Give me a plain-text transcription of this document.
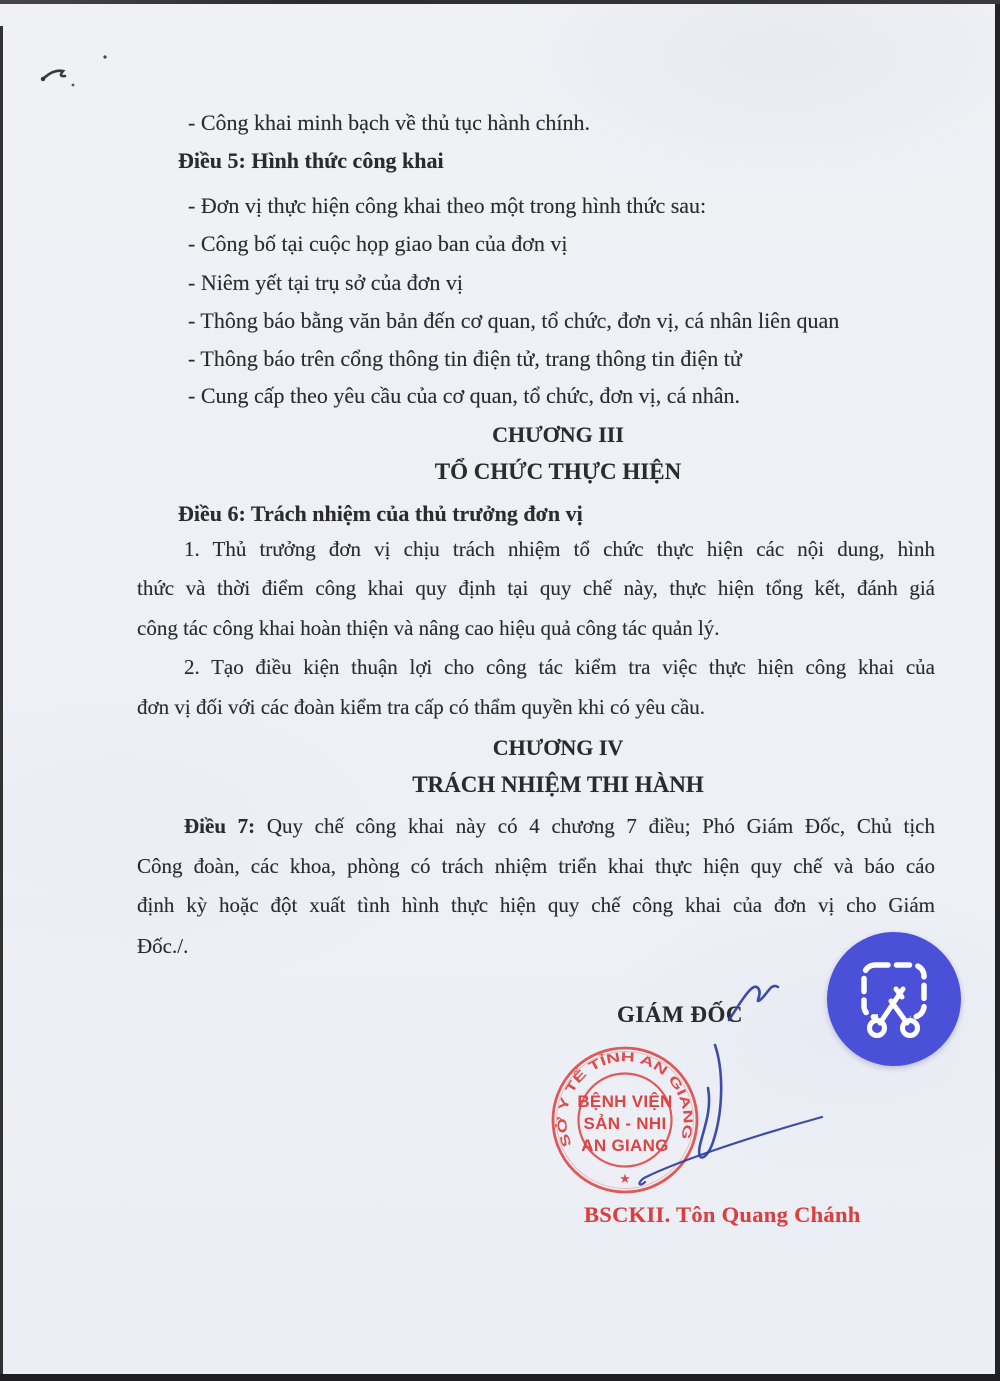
- Công khai minh bạch về thủ tục hành chính.
Điều 5: Hình thức công khai
- Đơn vị thực hiện công khai theo một trong hình thức sau:
- Công bố tại cuộc họp giao ban của đơn vị
- Niêm yết tại trụ sở của đơn vị
- Thông báo bằng văn bản đến cơ quan, tổ chức, đơn vị, cá nhân liên quan
- Thông báo trên cổng thông tin điện tử, trang thông tin điện tử
- Cung cấp theo yêu cầu của cơ quan, tổ chức, đơn vị, cá nhân.
CHƯƠNG III
TỔ CHỨC THỰC HIỆN
Điều 6: Trách nhiệm của thủ trưởng đơn vị
1. Thủ trưởng đơn vị chịu trách nhiệm tổ chức thực hiện các nội dung, hình
thức và thời điểm công khai quy định tại quy chế này, thực hiện tổng kết, đánh giá
công tác công khai hoàn thiện và nâng cao hiệu quả công tác quản lý.
2. Tạo điều kiện thuận lợi cho công tác kiểm tra việc thực hiện công khai của
đơn vị đối với các đoàn kiểm tra cấp có thẩm quyền khi có yêu cầu.
CHƯƠNG IV
TRÁCH NHIỆM THI HÀNH
Điều 7: Quy chế công khai này có 4 chương 7 điều; Phó Giám Đốc, Chủ tịch
Công đoàn, các khoa, phòng có trách nhiệm triển khai thực hiện quy chế và báo cáo
định kỳ hoặc đột xuất tình hình thực hiện quy chế công khai của đơn vị cho Giám
Đốc./.
GIÁM ĐỐC
SỞ Y TẾ TỈNH AN GIANG
★
BỆNH VIỆN
SẢN - NHI
AN GIANG
BSCKII. Tôn Quang Chánh
